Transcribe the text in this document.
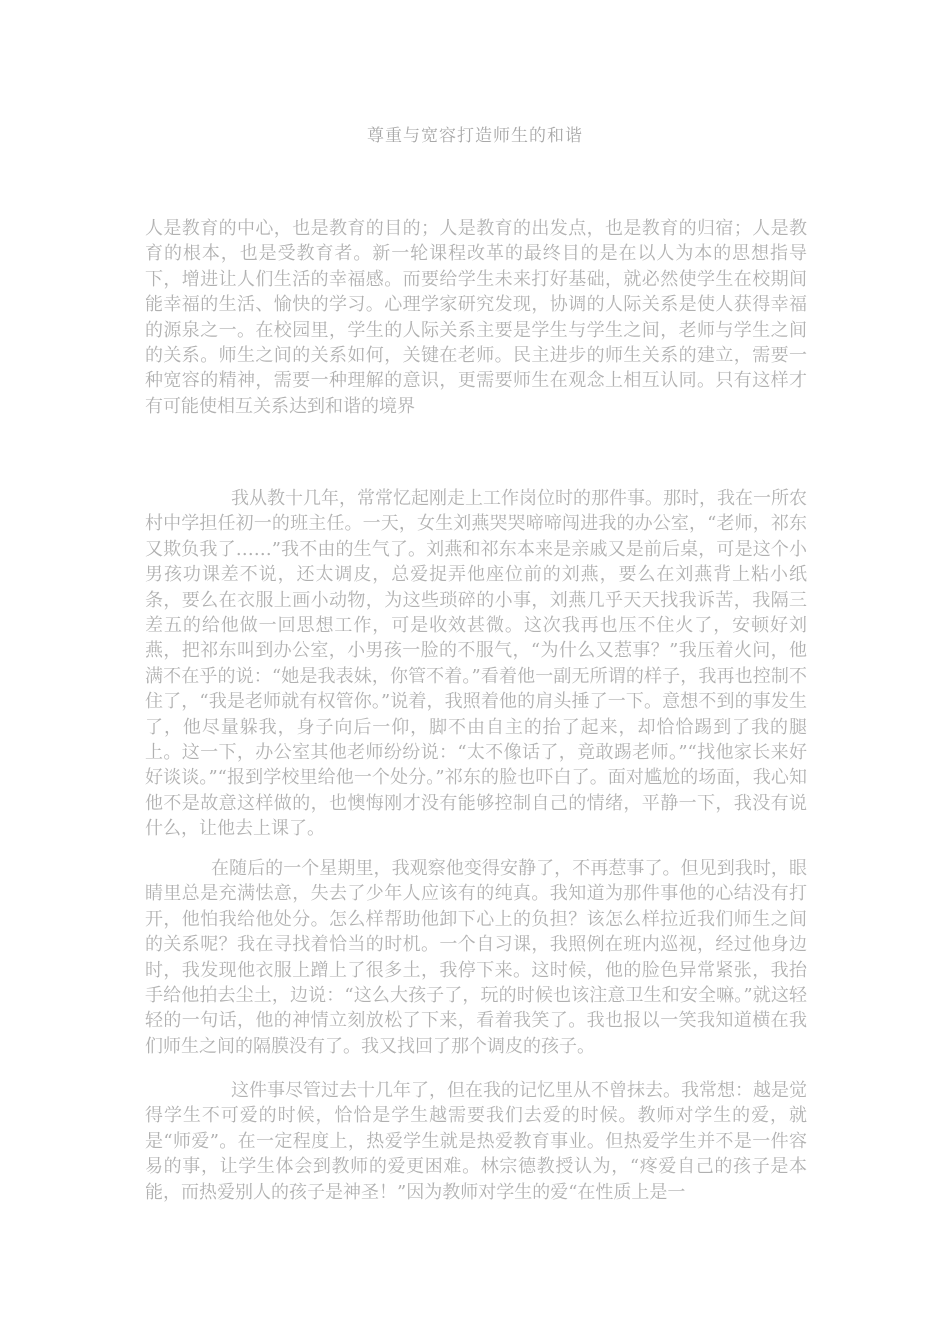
尊重与宽容打造师生的和谐
人是教育的中心，也是教育的目的；人是教育的出发点，也是教育的归宿；人是教育的根本，也是受教育者。新一轮课程改革的最终目的是在以人为本的思想指导下，增进让人们生活的幸福感。而要给学生未来打好基础，就必然使学生在校期间能幸福的生活、愉快的学习。心理学家研究发现，协调的人际关系是使人获得幸福的源泉之一。在校园里，学生的人际关系主要是学生与学生之间，老师与学生之间的关系。师生之间的关系如何，关键在老师。民主进步的师生关系的建立，需要一种宽容的精神，需要一种理解的意识，更需要师生在观念上相互认同。只有这样才有可能使相互关系达到和谐的境界
我从教十几年，常常忆起刚走上工作岗位时的那件事。那时，我在一所农村中学担任初一的班主任。一天，女生刘燕哭哭啼啼闯进我的办公室，“老师，祁东又欺负我了……”我不由的生气了。刘燕和祁东本来是亲戚又是前后桌，可是这个小男孩功课差不说，还太调皮，总爱捉弄他座位前的刘燕，要么在刘燕背上粘小纸条，要么在衣服上画小动物，为这些琐碎的小事，刘燕几乎天天找我诉苦，我隔三差五的给他做一回思想工作，可是收效甚微。这次我再也压不住火了，安顿好刘燕，把祁东叫到办公室，小男孩一脸的不服气，“为什么又惹事？”我压着火问，他满不在乎的说：“她是我表妹，你管不着。”看着他一副无所谓的样子，我再也控制不住了，“我是老师就有权管你。”说着，我照着他的肩头捶了一下。意想不到的事发生了，他尽量躲我，身子向后一仰，脚不由自主的抬了起来，却恰恰踢到了我的腿上。这一下，办公室其他老师纷纷说：“太不像话了，竟敢踢老师。”“找他家长来好好谈谈。”“报到学校里给他一个处分。”祁东的脸也吓白了。面对尴尬的场面，我心知他不是故意这样做的，也懊悔刚才没有能够控制自己的情绪，平静一下，我没有说什么，让他去上课了。
在随后的一个星期里，我观察他变得安静了，不再惹事了。但见到我时，眼睛里总是充满怯意，失去了少年人应该有的纯真。我知道为那件事他的心结没有打开，他怕我给他处分。怎么样帮助他卸下心上的负担？该怎么样拉近我们师生之间的关系呢？我在寻找着恰当的时机。一个自习课，我照例在班内巡视，经过他身边时，我发现他衣服上蹭上了很多土，我停下来。这时候，他的脸色异常紧张，我抬手给他拍去尘土，边说：“这么大孩子了，玩的时候也该注意卫生和安全嘛。”就这轻轻的一句话，他的神情立刻放松了下来，看着我笑了。我也报以一笑我知道横在我们师生之间的隔膜没有了。我又找回了那个调皮的孩子。
这件事尽管过去十几年了，但在我的记忆里从不曾抹去。我常想：越是觉得学生不可爱的时候，恰恰是学生越需要我们去爱的时候。教师对学生的爱，就是“师爱”。在一定程度上，热爱学生就是热爱教育事业。但热爱学生并不是一件容易的事，让学生体会到教师的爱更困难。林宗德教授认为，“疼爱自己的孩子是本能，而热爱别人的孩子是神圣！”因为教师对学生的爱“在性质上是一
